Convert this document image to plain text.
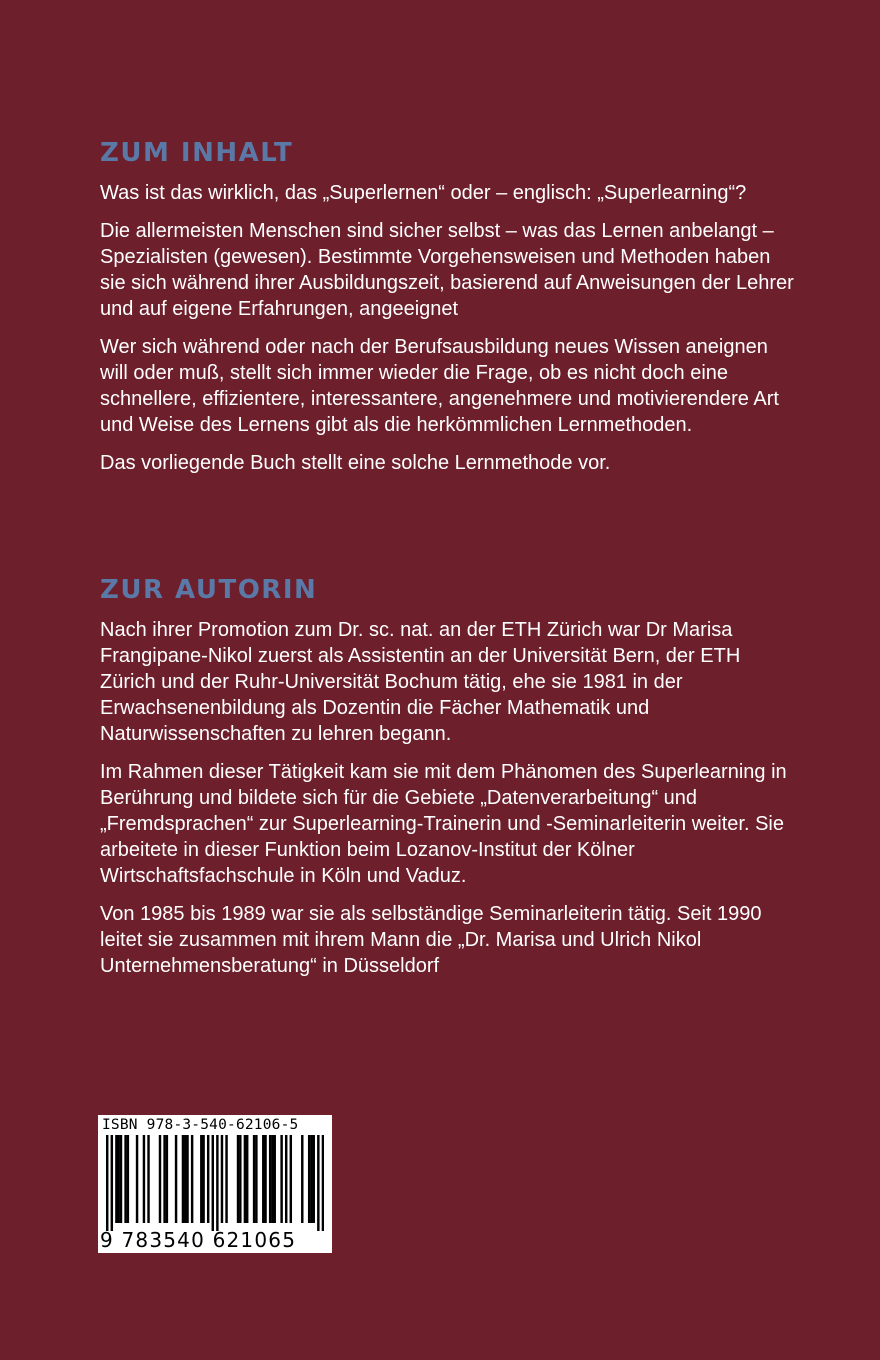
ZUM INHALT

Was ist das wirklich, das „Superlernen“ oder – englisch: „Superlearning“?

Die allermeisten Menschen sind sicher selbst – was das Lernen anbelangt – Spezialisten (gewesen). Bestimmte Vorgehensweisen und Methoden haben sie sich während ihrer Ausbildungszeit, basierend auf Anweisungen der Lehrer und auf eigene Erfahrungen, angeeignet

Wer sich während oder nach der Berufsausbildung neues Wissen aneignen will oder muß, stellt sich immer wieder die Frage, ob es nicht doch eine schnellere, effizientere, interessantere, angenehmere und motivierendere Art und Weise des Lernens gibt als die herkömmlichen Lernmethoden.

Das vorliegende Buch stellt eine solche Lernmethode vor.

ZUR AUTORIN

Nach ihrer Promotion zum Dr. sc. nat. an der ETH Zürich war Dr Marisa Frangipane-Nikol zuerst als Assistentin an der Universität Bern, der ETH Zürich und der Ruhr-Universität Bochum tätig, ehe sie 1981 in der Erwachsenenbildung als Dozentin die Fächer Mathematik und Naturwissenschaften zu lehren begann.

Im Rahmen dieser Tätigkeit kam sie mit dem Phänomen des Superlearning in Berührung und bildete sich für die Gebiete „Datenverarbeitung“ und „Fremdsprachen“ zur Superlearning-Trainerin und -Seminarleiterin weiter. Sie arbeitete in dieser Funktion beim Lozanov-Institut der Kölner Wirtschaftsfachschule in Köln und Vaduz.

Von 1985 bis 1989 war sie als selbständige Seminarleiterin tätig. Seit 1990 leitet sie zusammen mit ihrem Mann die „Dr. Marisa und Ulrich Nikol Unternehmensberatung“ in Düsseldorf

ISBN 978-3-540-62106-5
9 783540 621065
